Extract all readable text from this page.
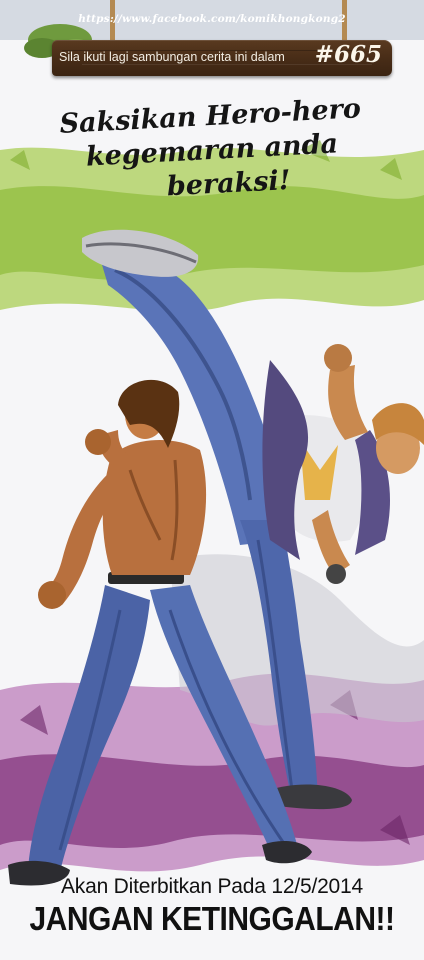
https://www.facebook.com/komikhongkong2
Sila ikuti lagi sambungan cerita ini dalam #665
Saksikan Hero-hero
kegemaran anda
beraksi!
Akan Diterbitkan Pada 12/5/2014
JANGAN KETINGGALAN!!
